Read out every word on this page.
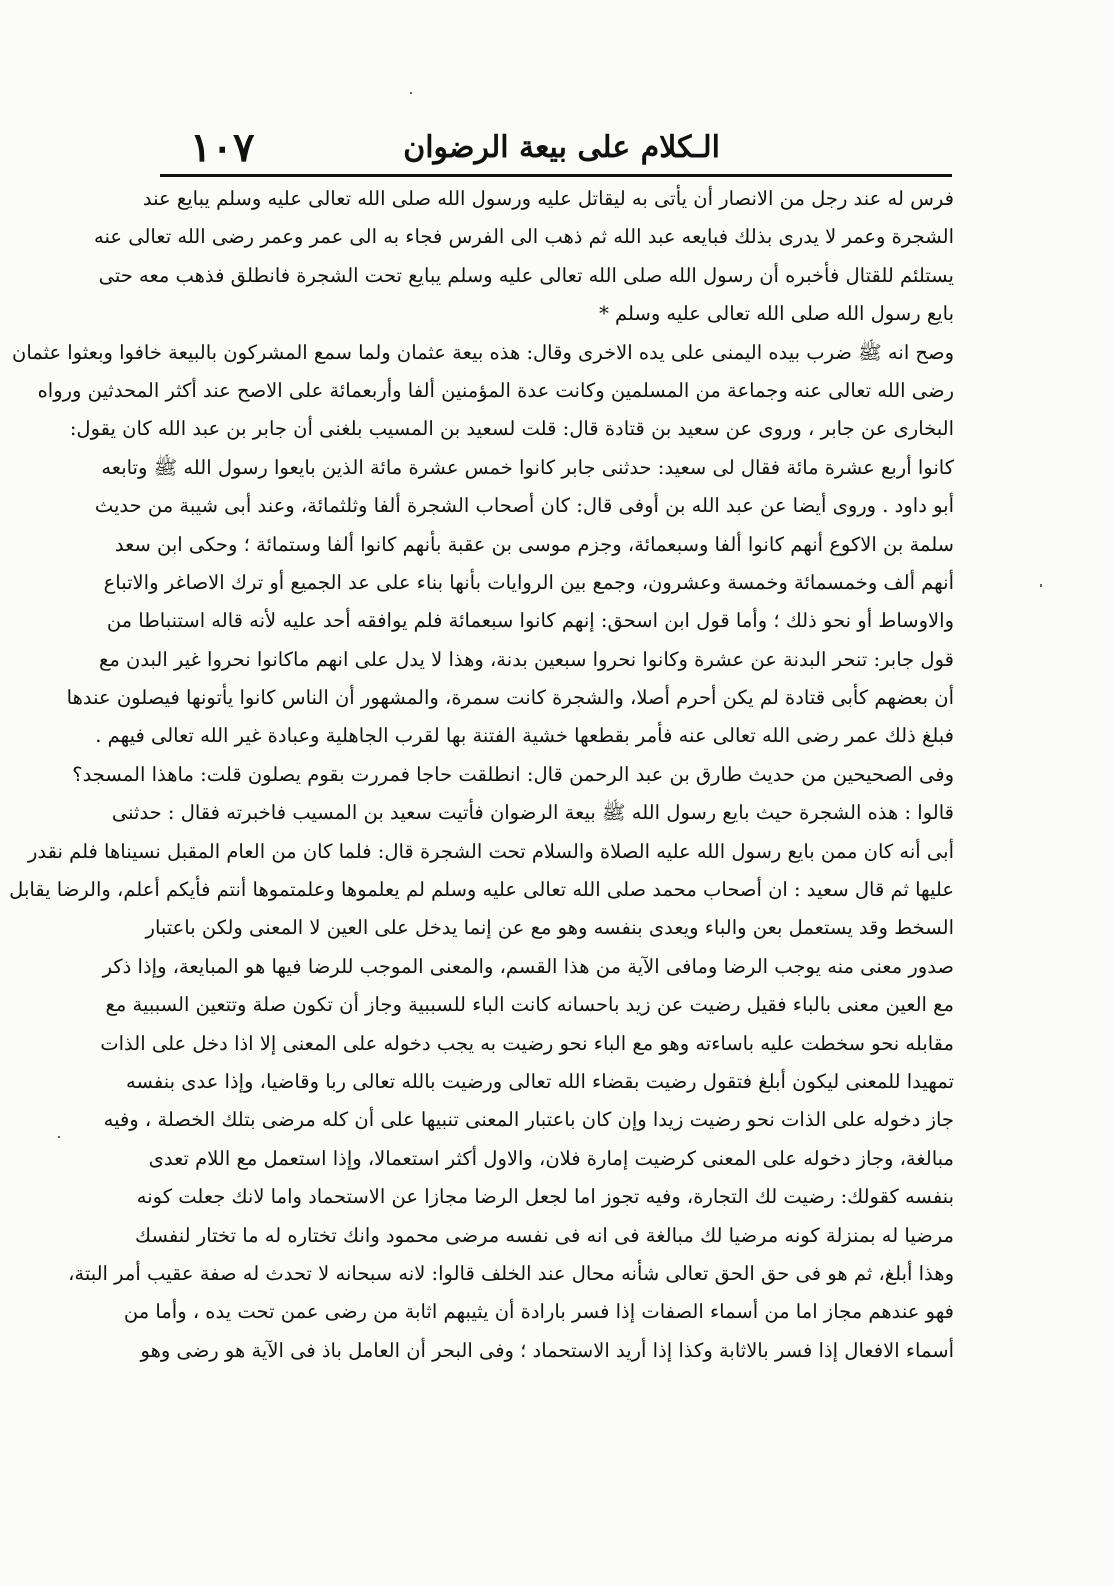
الـكلام على بيعة الرضوان
١٠٧
فرس له عند رجل من الانصار أن يأتى به ليقاتل عليه ورسول الله صلى الله تعالى عليه وسلم يبايع عند
الشجرة وعمر لا يدرى بذلك فبايعه عبد الله ثم ذهب الى الفرس فجاء به الى عمر وعمر رضى الله تعالى عنه
يستلئم للقتال فأخبره أن رسول الله صلى الله تعالى عليه وسلم يبايع تحت الشجرة فانطلق فذهب معه حتى
بايع رسول الله صلى الله تعالى عليه وسلم *
وصح انه ﷺ ضرب بيده اليمنى على يده الاخرى وقال: هذه بيعة عثمان ولما سمع المشركون بالبيعة خافوا وبعثوا عثمان
رضى الله تعالى عنه وجماعة من المسلمين وكانت عدة المؤمنين ألفا وأربعمائة على الاصح عند أكثر المحدثين ورواه
البخارى عن جابر ، وروى عن سعيد بن قتادة قال: قلت لسعيد بن المسيب بلغنى أن جابر بن عبد الله كان يقول:
كانوا أربع عشرة مائة فقال لى سعيد: حدثنى جابر كانوا خمس عشرة مائة الذين بايعوا رسول الله ﷺ وتابعه
أبو داود . وروى أيضا عن عبد الله بن أوفى قال: كان أصحاب الشجرة ألفا وثلثمائة، وعند أبى شيبة من حديث
سلمة بن الاكوع أنهم كانوا ألفا وسبعمائة، وجزم موسى بن عقبة بأنهم كانوا ألفا وستمائة ؛ وحكى ابن سعد
أنهم ألف وخمسمائة وخمسة وعشرون، وجمع بين الروايات بأنها بناء على عد الجميع أو ترك الاصاغر والاتباع
والاوساط أو نحو ذلك ؛ وأما قول ابن اسحق: إنهم كانوا سبعمائة فلم يوافقه أحد عليه لأنه قاله استنباطا من
قول جابر: تنحر البدنة عن عشرة وكانوا نحروا سبعين بدنة، وهذا لا يدل على انهم ماكانوا نحروا غير البدن مع
أن بعضهم كأبى قتادة لم يكن أحرم أصلا، والشجرة كانت سمرة، والمشهور أن الناس كانوا يأتونها فيصلون عندها
فبلغ ذلك عمر رضى الله تعالى عنه فأمر بقطعها خشية الفتنة بها لقرب الجاهلية وعبادة غير الله تعالى فيهم .
وفى الصحيحين من حديث طارق بن عبد الرحمن قال: انطلقت حاجا فمررت بقوم يصلون قلت: ماهذا المسجد؟
قالوا : هذه الشجرة حيث بايع رسول الله ﷺ بيعة الرضوان فأتيت سعيد بن المسيب فاخبرته فقال : حدثنى
أبى أنه كان ممن بايع رسول الله عليه الصلاة والسلام تحت الشجرة قال: فلما كان من العام المقبل نسيناها فلم نقدر
عليها ثم قال سعيد : ان أصحاب محمد صلى الله تعالى عليه وسلم لم يعلموها وعلمتموها أنتم فأيكم أعلم، والرضا يقابل
السخط وقد يستعمل بعن والباء ويعدى بنفسه وهو مع عن إنما يدخل على العين لا المعنى ولكن باعتبار
صدور معنى منه يوجب الرضا ومافى الآية من هذا القسم، والمعنى الموجب للرضا فيها هو المبايعة، وإذا ذكر
مع العين معنى بالباء فقيل رضيت عن زيد باحسانه كانت الباء للسببية وجاز أن تكون صلة وتتعين السببية مع
مقابله نحو سخطت عليه باساءته وهو مع الباء نحو رضيت به يجب دخوله على المعنى إلا اذا دخل على الذات
تمهيدا للمعنى ليكون أبلغ فتقول رضيت بقضاء الله تعالى ورضيت بالله تعالى ربا وقاضيا، وإذا عدى بنفسه
جاز دخوله على الذات نحو رضيت زيدا وإن كان باعتبار المعنى تنبيها على أن كله مرضى بتلك الخصلة ، وفيه
مبالغة، وجاز دخوله على المعنى كرضيت إمارة فلان، والاول أكثر استعمالا، وإذا استعمل مع اللام تعدى
بنفسه كقولك: رضيت لك التجارة، وفيه تجوز اما لجعل الرضا مجازا عن الاستحماد واما لانك جعلت كونه
مرضيا له بمنزلة كونه مرضيا لك مبالغة فى انه فى نفسه مرضى محمود وانك تختاره له ما تختار لنفسك
وهذا أبلغ، ثم هو فى حق الحق تعالى شأنه محال عند الخلف قالوا: لانه سبحانه لا تحدث له صفة عقيب أمر البتة،
فهو عندهم مجاز اما من أسماء الصفات إذا فسر بارادة أن يثيبهم اثابة من رضى عمن تحت يده ، وأما من
أسماء الافعال إذا فسر بالاثابة وكذا إذا أريد الاستحماد ؛ وفى البحر أن العامل باذ فى الآية هو رضى وهو
